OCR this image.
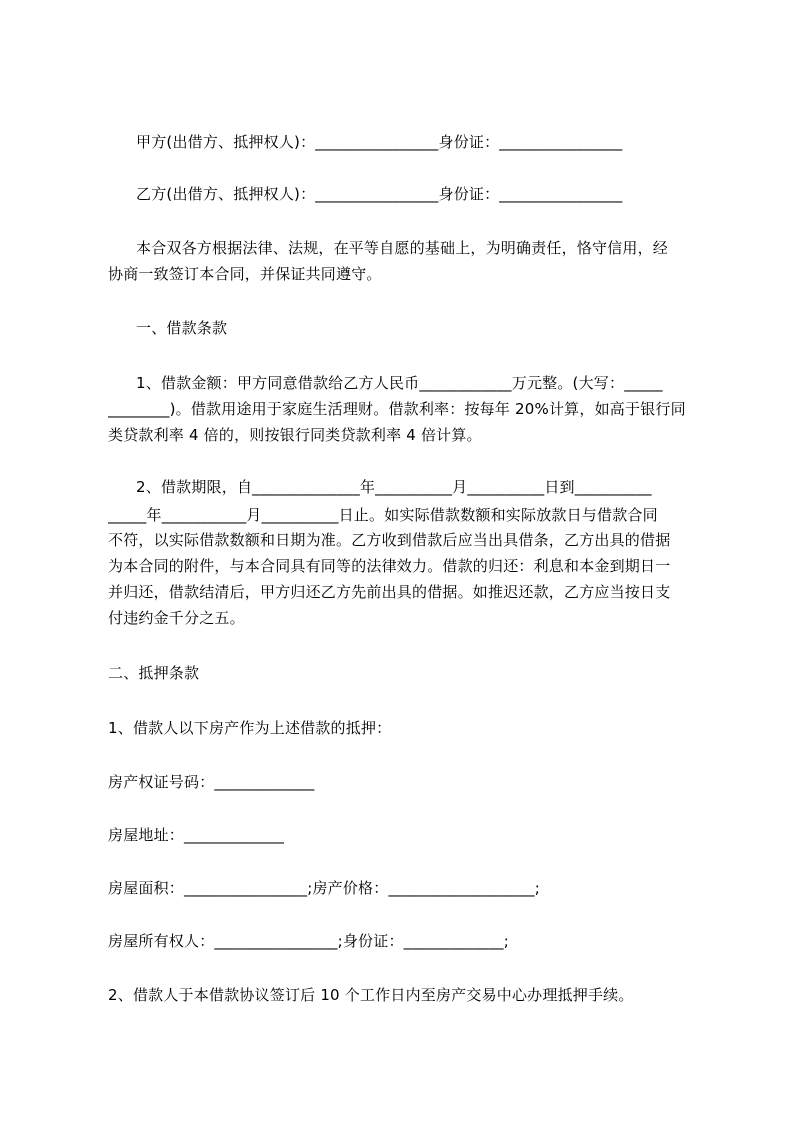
甲方(出借方、抵押权人)：________________身份证：________________
乙方(出借方、抵押权人)：________________身份证：________________
本合双各方根据法律、法规，在平等自愿的基础上，为明确责任，恪守信用，经
协商一致签订本合同，并保证共同遵守。
一、借款条款
1、借款金额：甲方同意借款给乙方人民币____________万元整。(大写：_____
________)。借款用途用于家庭生活理财。借款利率：按每年 20%计算，如高于银行同
类贷款利率 4 倍的，则按银行同类贷款利率 4 倍计算。
2、借款期限，自______________年__________月__________日到__________
_____年___________月__________日止。如实际借款数额和实际放款日与借款合同
不符，以实际借款数额和日期为准。乙方收到借款后应当出具借条，乙方出具的借据
为本合同的附件，与本合同具有同等的法律效力。借款的归还：利息和本金到期日一
并归还，借款结清后，甲方归还乙方先前出具的借据。如推迟还款，乙方应当按日支
付违约金千分之五。
二、抵押条款
1、借款人以下房产作为上述借款的抵押：
房产权证号码：_____________
房屋地址：_____________
房屋面积：________________;房产价格：___________________;
房屋所有权人：________________;身份证：_____________;
2、借款人于本借款协议签订后 10 个工作日内至房产交易中心办理抵押手续。
